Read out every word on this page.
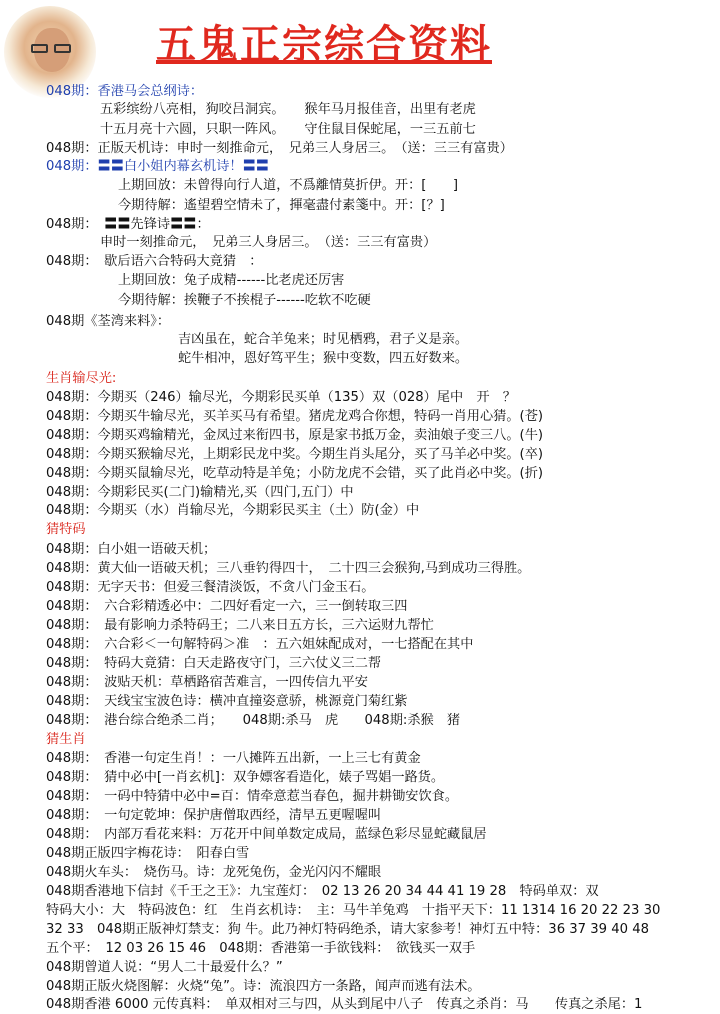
五鬼正宗综合资料
048期：香港马会总纲诗：
五彩缤纷八亮相，狗咬吕洞宾。　　猴年马月报佳音，出里有老虎
十五月亮十六圆，只职一阵风。　　守住鼠目保蛇尾，一三五前七
048期：正版天机诗：申时一刻推命元，　兄弟三人身居三。　（送：三三有富贵）
048期：〓〓白小姐内幕玄机诗！〓〓
上期回放：未曾得向行人道，不爲離情莫折伊。开：[　　]
今期待解：遙望碧空情未了，揮毫盡付素箋中。开：[？]
048期：　〓〓先锋诗〓〓：
申时一刻推命元，　兄弟三人身居三。　（送：三三有富贵）
048期：　歇后语六合特码大竟猜　：
上期回放：兔子成精------比老虎还厉害
今期待解：挨鞭子不挨棍子------吃软不吃硬
048期《荃湾来料》：
吉凶虽在，蛇合羊兔来；时见栖鸦，君子义是亲。
蛇牛相冲，恩好笃平生；猴中变数，四五好数来。
生肖输尽光:
048期：今期买（246）输尽光，今期彩民买单（135）双（028）尾中　开　？
048期：今期买牛输尽光，买羊买马有希望。猪虎龙鸡合你想，特码一肖用心猜。(苍)
048期：今期买鸡输精光，金凤过来衔四书，原是家书抵万金，卖油娘子变三八。(牛)
048期：今期买猴输尽光，上期彩民龙中奖。今期生肖头尾分，买了马羊必中奖。(卒)
048期：今期买鼠输尽光，吃草动特是羊兔；小防龙虎不会错，买了此肖必中奖。(折)
048期：今期彩民买(二门)输精光,买（四门,五门）中
048期：今期买（水）肖输尽光，今期彩民买主（土）防(金）中
猜特码
048期：白小姐一语破天机；
048期：黄大仙一语破天机；三八垂钓得四十，　二十四三会猴狗,马到成功三得胜。
048期：无字天书：但爱三餐清淡饭，不贪八门金玉石。
048期：　六合彩精透必中：二四好看定一六，三一倒转取三四
048期：　最有影响力杀特码王；二八来日五方长，三六运财九帮忙
048期：　六合彩＜一句解特码＞准　：五六姐妹配成对，一七搭配在其中
048期：　特码大竟猜：白天走路夜守门，三六仗义三二帮
048期：　波贴天机：草栖路宿苦难言，一四传信九平安
048期：　天线宝宝波色诗：横冲直撞姿意骄，桃源竟门菊红紫
048期：　港台综合绝杀二肖；　　048期:杀马　虎　　048期:杀猴　猪
猜生肖
048期：　香港一句定生肖！：一八摊阵五出新，一上三七有黄金
048期：　猜中必中[一肖玄机]：双争嫖客看造化，婊子骂娼一路货。
048期：　一码中特猜中必中=百：情牵意惹当春色，掘井耕锄安饮食。
048期：　一句定乾坤：保护唐僧取西经，清早五更喔喔叫
048期：　内部万看花来料：万花开中间单数定成局，蓝绿色彩尽显蛇藏鼠居
048期正版四字梅花诗：　阳春白雪
048期火车头：　烧伤马。诗：龙死兔伤，金光闪闪不耀眼
048期香港地下信封《千王之王》：九宝莲灯：　02 13 26 20 34 44 41 19 28　特码单双：双
特码大小：大　特码波色：红　生肖玄机诗：　主：马牛羊兔鸡　十指平天下：11 1314 16 20 22 23 30
32 33　048期正版神灯禁支：狗 牛。此乃神灯特码绝杀，请大家参考！神灯五中特：36 37 39 40 48
五个平：　12 03 26 15 46　048期：香港第一手欲钱料：　欲钱买一双手
048期曾道人说：“男人二十最爱什么？”
048期正版火烧图解：火烧“兔”。诗：流浪四方一条路，闻声而逃有法术。
048期香港 6000 元传真料：　单双相对三与四，从头到尾中八子　传真之杀肖：马　　传真之杀尾：1
